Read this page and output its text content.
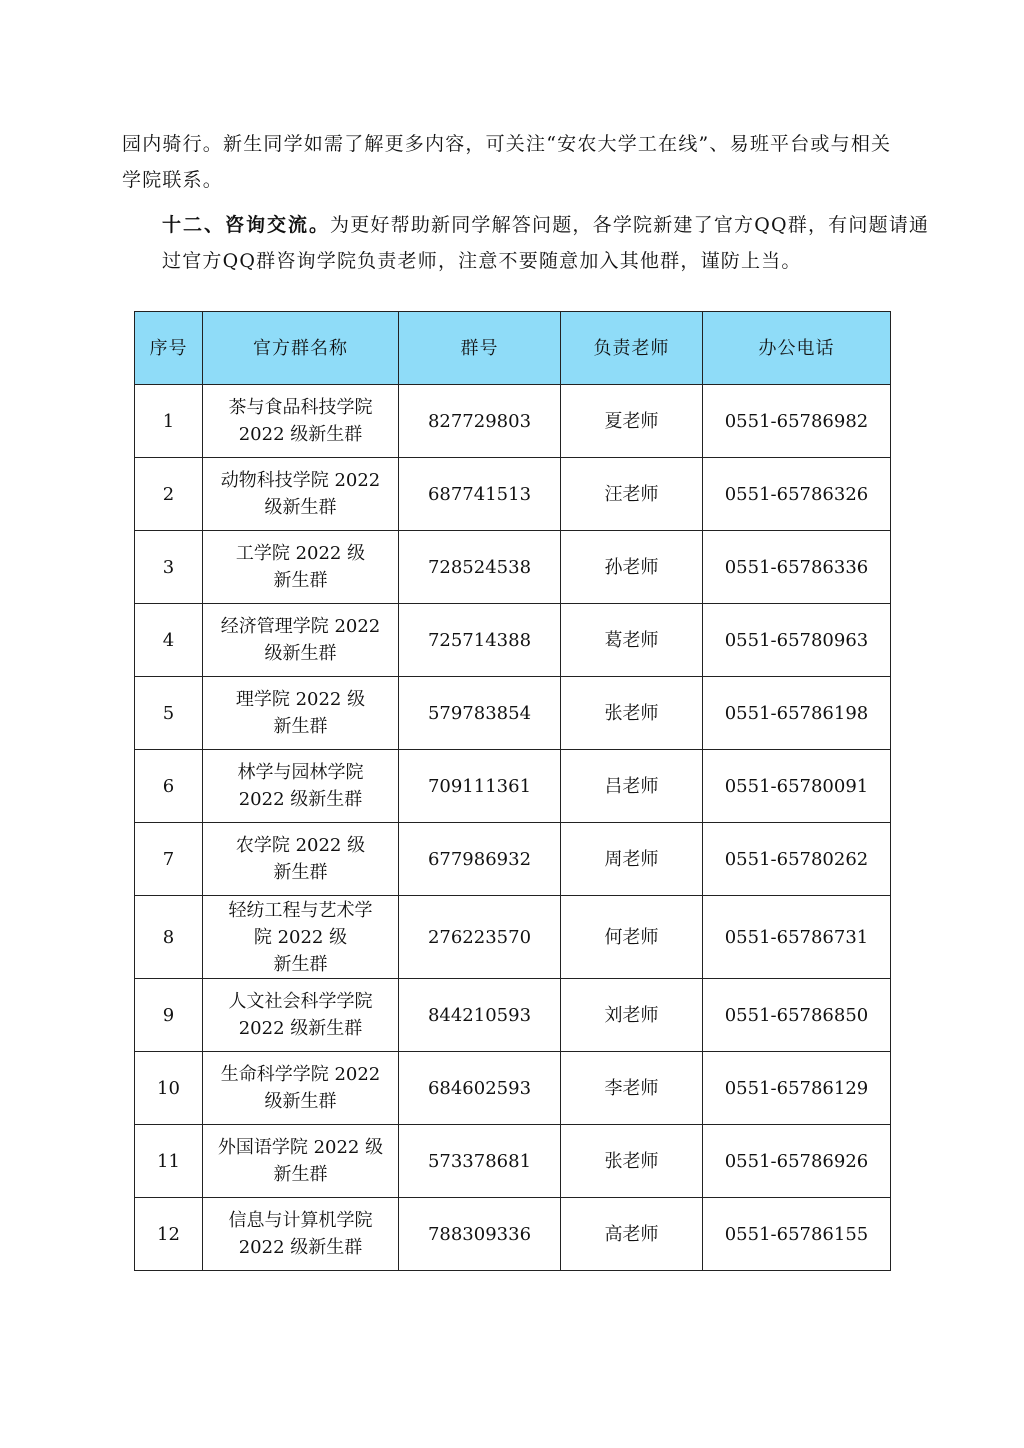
园内骑行。新生同学如需了解更多内容，可关注“安农大学工在线”、易班平台或与相关学院联系。

十二、咨询交流。为更好帮助新同学解答问题，各学院新建了官方QQ群，有问题请通过官方QQ群咨询学院负责老师，注意不要随意加入其他群，谨防上当。

序号	官方群名称	群号	负责老师	办公电话
1	茶与食品科技学院
2022 级新生群	827729803	夏老师	0551-65786982
2	动物科技学院 2022
级新生群	687741513	汪老师	0551-65786326
3	工学院 2022 级
新生群	728524538	孙老师	0551-65786336
4	经济管理学院 2022
级新生群	725714388	葛老师	0551-65780963
5	理学院 2022 级
新生群	579783854	张老师	0551-65786198
6	林学与园林学院
2022 级新生群	709111361	吕老师	0551-65780091
7	农学院 2022 级
新生群	677986932	周老师	0551-65780262
8	轻纺工程与艺术学
院 2022 级
新生群	276223570	何老师	0551-65786731
9	人文社会科学学院
2022 级新生群	844210593	刘老师	0551-65786850
10	生命科学学院 2022
级新生群	684602593	李老师	0551-65786129
11	外国语学院 2022 级
新生群	573378681	张老师	0551-65786926
12	信息与计算机学院
2022 级新生群	788309336	高老师	0551-65786155
